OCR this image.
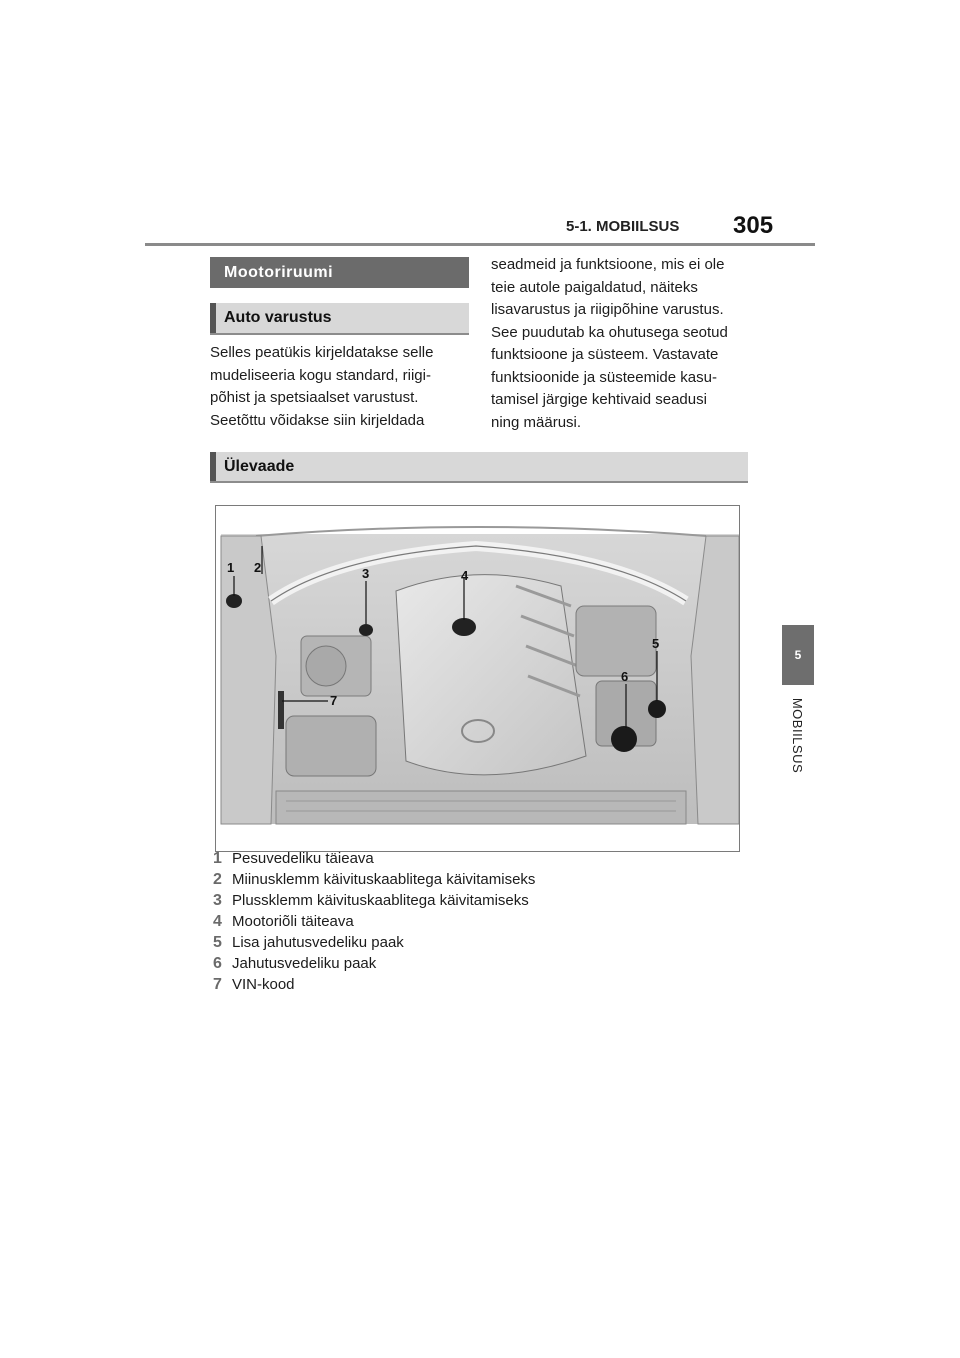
5-1. MOBIILSUS 305
5
MOBIILSUS
Mootoriruumi
Auto varustus
Selles peatükis kirjeldatakse selle
mudeliseeria kogu standard, riigi-
põhist ja spetsiaalset varustust.
Seetõttu võidakse siin kirjeldada
seadmeid ja funktsioone, mis ei ole
teie autole paigaldatud, näiteks
lisavarustus ja riigipõhine varustus.
See puudutab ka ohutusega seotud
funktsioone ja süsteem. Vastavate
funktsioonide ja süsteemide kasu-
tamisel järgige kehtivaid seadusi
ning määrusi.
Ülevaade
1 2	3	4
5
6
7
1 Pesuvedeliku täieava
2 Miinusklemm käivituskaablitega käivitamiseks
3 Plussklemm käivituskaablitega käivitamiseks
4 Mootoriõli täiteava
5 Lisa jahutusvedeliku paak
6 Jahutusvedeliku paak
7 VIN-kood
